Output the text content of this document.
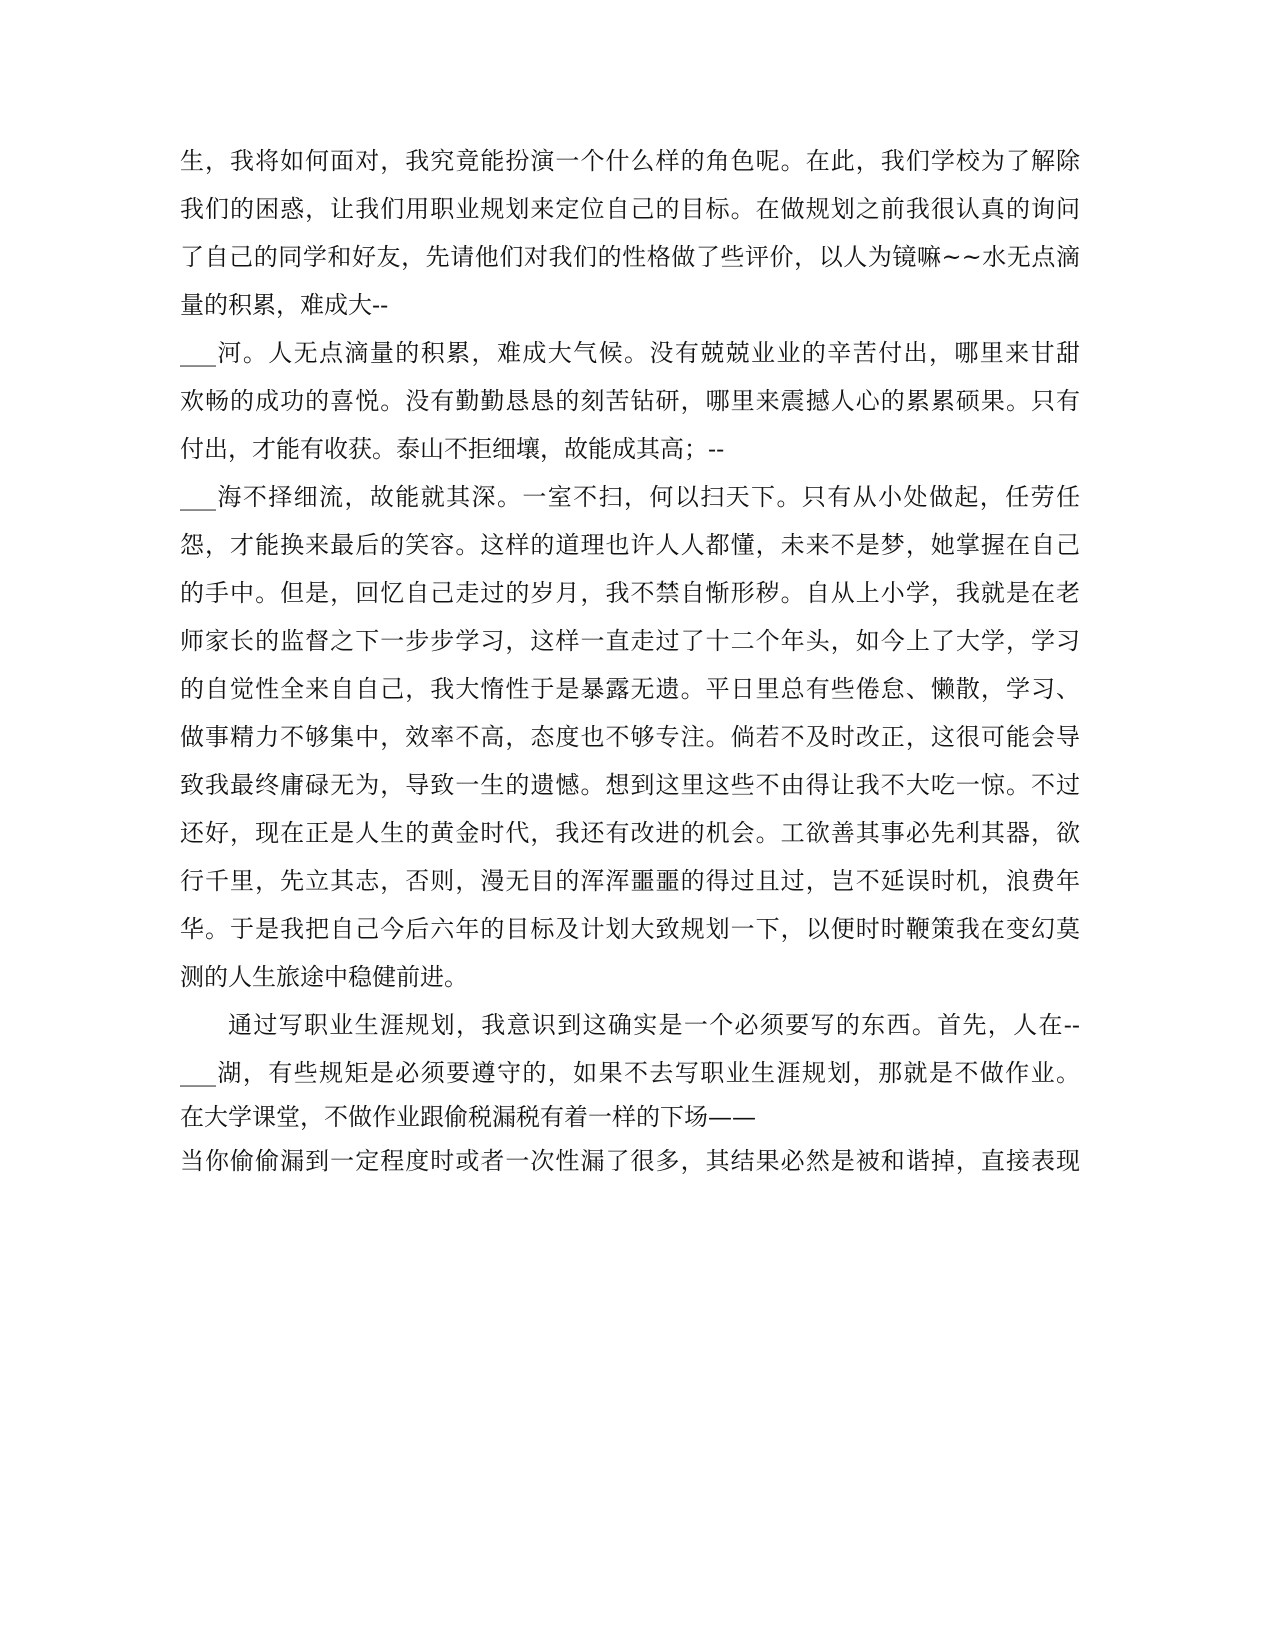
生，我将如何面对，我究竟能扮演一个什么样的角色呢。在此，我们学校为了解除
我们的困惑，让我们用职业规划来定位自己的目标。在做规划之前我很认真的询问
了自己的同学和好友，先请他们对我们的性格做了些评价，以人为镜嘛~~水无点滴
量的积累，难成大--
___河。人无点滴量的积累，难成大气候。没有兢兢业业的辛苦付出，哪里来甘甜
欢畅的成功的喜悦。没有勤勤恳恳的刻苦钻研，哪里来震撼人心的累累硕果。只有
付出，才能有收获。泰山不拒细壤，故能成其高；--
___海不择细流，故能就其深。一室不扫，何以扫天下。只有从小处做起，任劳任
怨，才能换来最后的笑容。这样的道理也许人人都懂，未来不是梦，她掌握在自己
的手中。但是，回忆自己走过的岁月，我不禁自惭形秽。自从上小学，我就是在老
师家长的监督之下一步步学习，这样一直走过了十二个年头，如今上了大学，学习
的自觉性全来自自己，我大惰性于是暴露无遗。平日里总有些倦怠、懒散，学习、
做事精力不够集中，效率不高，态度也不够专注。倘若不及时改正，这很可能会导
致我最终庸碌无为，导致一生的遗憾。想到这里这些不由得让我不大吃一惊。不过
还好，现在正是人生的黄金时代，我还有改进的机会。工欲善其事必先利其器，欲
行千里，先立其志，否则，漫无目的浑浑噩噩的得过且过，岂不延误时机，浪费年
华。于是我把自己今后六年的目标及计划大致规划一下，以便时时鞭策我在变幻莫
测的人生旅途中稳健前进。
通过写职业生涯规划，我意识到这确实是一个必须要写的东西。首先，人在--
___湖，有些规矩是必须要遵守的，如果不去写职业生涯规划，那就是不做作业。
在大学课堂，不做作业跟偷税漏税有着一样的下场——
当你偷偷漏到一定程度时或者一次性漏了很多，其结果必然是被和谐掉，直接表现
